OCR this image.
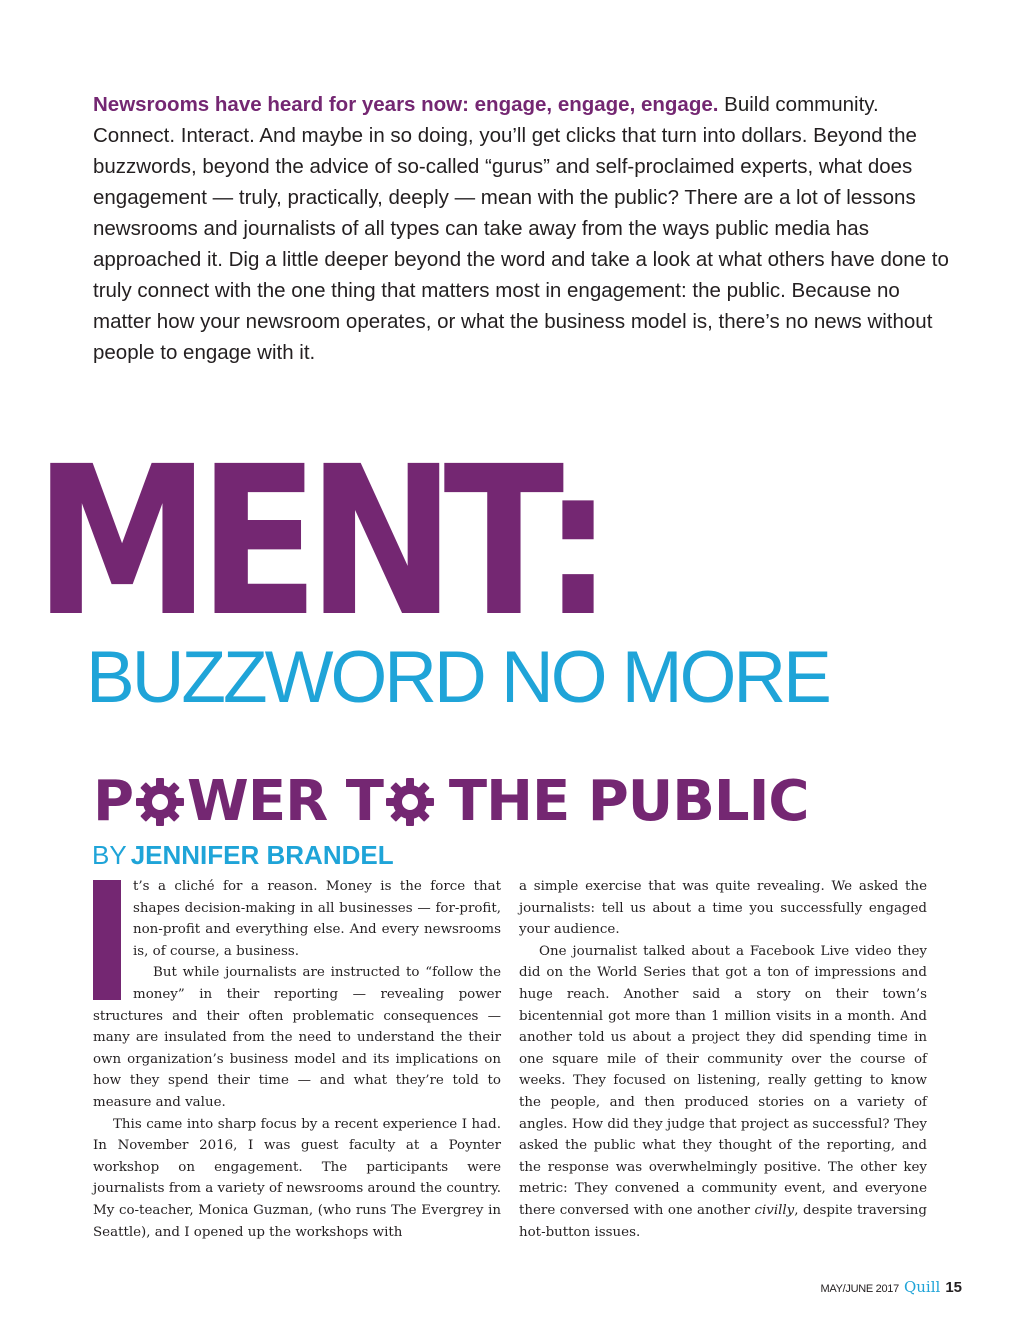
Newsrooms have heard for years now: engage, engage, engage. Build community. Connect. Interact. And maybe in so doing, you’ll get clicks that turn into dollars. Beyond the buzzwords, beyond the advice of so-called “gurus” and self-proclaimed experts, what does engagement — truly, practically, deeply — mean with the public? There are a lot of lessons newsrooms and journalists of all types can take away from the ways public media has approached it. Dig a little deeper beyond the word and take a look at what others have done to truly connect with the one thing that matters most in engagement: the public. Because no matter how your newsroom operates, or what the business model is, there’s no news without people to engage with it.
MENT:
BUZZWORD NO MORE
P WER T THE PUBLIC
BY JENNIFER BRANDEL

t’s a cliché for a reason. Money is the force that shapes decision-making in all businesses — for-profit, non-profit and everything else. And every newsrooms is, of course, a business.

But while journalists are instructed to “follow the money” in their reporting — revealing power structures and their often problematic consequences — many are insulated from the need to understand the their own organization’s business model and its implications on how they spend their time — and what they’re told to measure and value.

This came into sharp focus by a recent experience I had. In November 2016, I was guest faculty at a Poynter workshop on engagement. The participants were journalists from a variety of newsrooms around the country. My co-teacher, Monica Guzman, (who runs The Evergrey in Seattle), and I opened up the workshops with

a simple exercise that was quite revealing. We asked the journalists: tell us about a time you successfully engaged your audience.

One journalist talked about a Facebook Live video they did on the World Series that got a ton of impressions and huge reach. Another said a story on their town’s bicentennial got more than 1 million visits in a month. And another told us about a project they did spending time in one square mile of their community over the course of weeks. They focused on listening, really getting to know the people, and then produced stories on a variety of angles. How did they judge that project as successful? They asked the public what they thought of the reporting, and the response was overwhelmingly positive. The other key metric: They convened a community event, and everyone there conversed with one another civilly, despite traversing hot-button issues.

MAY/JUNE 2017 Quill 15
